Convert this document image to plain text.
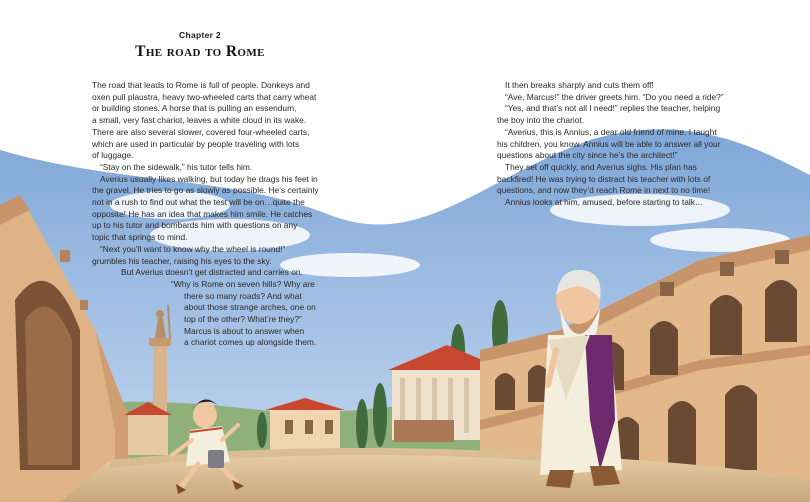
Chapter 2
The road to Rome
The road that leads to Rome is full of people. Donkeys and
oxen pull plaustra, heavy two-wheeled carts that carry wheat
or building stones. A horse that is pulling an essendum,
a small, very fast chariot, leaves a white cloud in its wake.
There are also several slower, covered four-wheeled carts,
which are used in particular by people traveling with lots
of luggage.
“Stay on the sidewalk,” his tutor tells him.
Averius usually likes walking, but today he drags his feet in
the gravel. He tries to go as slowly as possible. He’s certainly
not in a rush to find out what the test will be on…quite the
opposite! He has an idea that makes him smile. He catches
up to his tutor and bombards him with questions on any
topic that springs to mind.
“Next you’ll want to know why the wheel is round!”
grumbles his teacher, raising his eyes to the sky.
But Averius doesn’t get distracted and carries on.
“Why is Rome on seven hills? Why are
there so many roads? And what
about those strange arches, one on
top of the other? What’re they?”
Marcus is about to answer when
a chariot comes up alongside them.
It then breaks sharply and cuts them off!
“Ave, Marcus!” the driver greets him. “Do you need a ride?”
“Yes, and that’s not all I need!” replies the teacher, helping
the boy into the chariot.
“Averius, this is Annius, a dear old friend of mine. I taught
his children, you know. Annius will be able to answer all your
questions about the city since he’s the architect!”
They set off quickly, and Averius sighs. His plan has
backfired! He was trying to distract his teacher with lots of
questions, and now they’d reach Rome in next to no time!
Annius looks at him, amused, before starting to talk…
